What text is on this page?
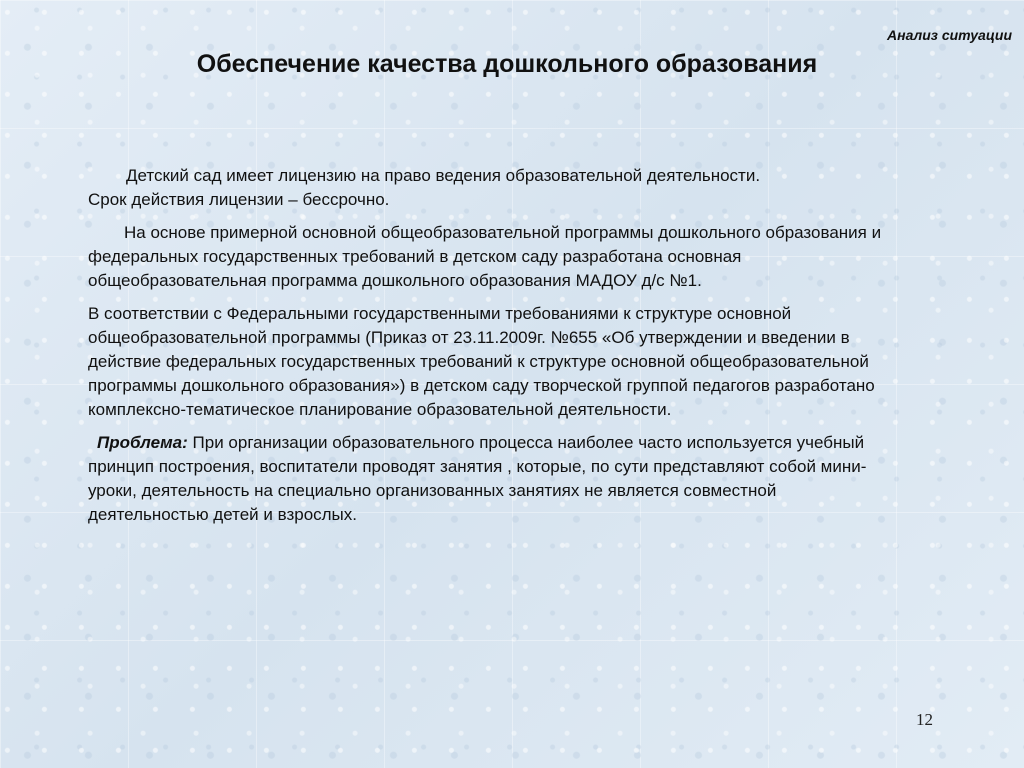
Анализ ситуации
Обеспечение качества дошкольного образования

Детский сад имеет лицензию на право ведения образовательной деятельности.
Срок действия лицензии – бессрочно.

На основе примерной основной общеобразовательной программы дошкольного образования и федеральных государственных требований в детском саду разработана основная общеобразовательная программа дошкольного образования МАДОУ д/с №1.

В соответствии с Федеральными государственными требованиями к структуре основной общеобразовательной программы (Приказ от 23.11.2009г. №655 «Об утверждении и введении в действие федеральных государственных требований к структуре основной общеобразовательной программы дошкольного образования») в детском саду творческой группой педагогов разработано комплексно-тематическое планирование образовательной деятельности.

Проблема: При организации образовательного процесса наиболее часто используется учебный принцип построения, воспитатели проводят занятия , которые, по сути представляют собой мини-уроки, деятельность на специально организованных занятиях не является совместной деятельностью детей и взрослых.

12
